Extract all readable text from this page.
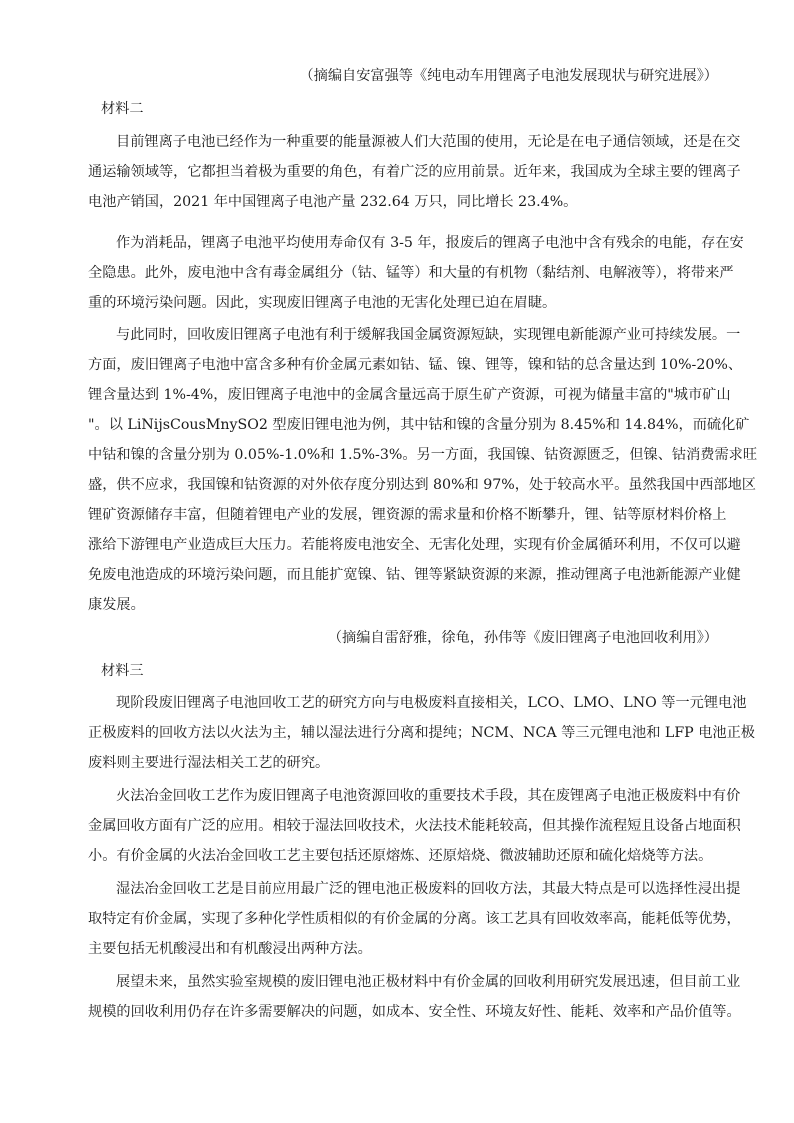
（摘编自安富强等《纯电动车用锂离子电池发展现状与研究进展》）
材料二
目前锂离子电池已经作为一种重要的能量源被人们大范围的使用，无论是在电子通信领域，还是在交
通运输领域等，它都担当着极为重要的角色，有着广泛的应用前景。近年来，我国成为全球主要的锂离子
电池产销国，2021 年中国锂离子电池产量 232.64 万只，同比增长 23.4%。
作为消耗品，锂离子电池平均使用寿命仅有 3-5 年，报废后的锂离子电池中含有残余的电能，存在安
全隐患。此外，废电池中含有毒金属组分（钴、锰等）和大量的有机物（黏结剂、电解液等），将带来严
重的环境污染问题。因此，实现废旧锂离子电池的无害化处理已迫在眉睫。
与此同时，回收废旧锂离子电池有利于缓解我国金属资源短缺，实现锂电新能源产业可持续发展。一
方面，废旧锂离子电池中富含多种有价金属元素如钴、锰、镍、锂等，镍和钴的总含量达到 10%-20%、
锂含量达到 1%-4%，废旧锂离子电池中的金属含量远高于原生矿产资源，可视为储量丰富的"城市矿山
"。以 LiNijsCousMnySO2 型废旧锂电池为例，其中钴和镍的含量分别为 8.45%和 14.84%，而硫化矿
中钴和镍的含量分别为 0.05%-1.0%和 1.5%-3%。另一方面，我国镍、钴资源匮乏，但镍、钴消费需求旺
盛，供不应求，我国镍和钴资源的对外依存度分别达到 80%和 97%，处于较高水平。虽然我国中西部地区
锂矿资源储存丰富，但随着锂电产业的发展，锂资源的需求量和价格不断攀升，锂、钴等原材料价格上
涨给下游锂电产业造成巨大压力。若能将废电池安全、无害化处理，实现有价金属循环利用，不仅可以避
免废电池造成的环境污染问题，而且能扩宽镍、钴、锂等紧缺资源的来源，推动锂离子电池新能源产业健
康发展。
（摘编自雷舒雅，徐龟，孙伟等《废旧锂离子电池回收利用》）
材料三
现阶段废旧锂离子电池回收工艺的研究方向与电极废料直接相关，LCO、LMO、LNO 等一元锂电池
正极废料的回收方法以火法为主，辅以湿法进行分离和提纯；NCM、NCA 等三元锂电池和 LFP 电池正极
废料则主要进行湿法相关工艺的研究。
火法冶金回收工艺作为废旧锂离子电池资源回收的重要技术手段，其在废锂离子电池正极废料中有价
金属回收方面有广泛的应用。相较于湿法回收技术，火法技术能耗较高，但其操作流程短且设备占地面积
小。有价金属的火法冶金回收工艺主要包括还原熔炼、还原焙烧、微波辅助还原和硫化焙烧等方法。
湿法冶金回收工艺是目前应用最广泛的锂电池正极废料的回收方法，其最大特点是可以选择性浸出提
取特定有价金属，实现了多种化学性质相似的有价金属的分离。该工艺具有回收效率高，能耗低等优势，
主要包括无机酸浸出和有机酸浸出两种方法。
展望未来，虽然实验室规模的废旧锂电池正极材料中有价金属的回收利用研究发展迅速，但目前工业
规模的回收利用仍存在许多需要解决的问题，如成本、安全性、环境友好性、能耗、效率和产品价值等。
